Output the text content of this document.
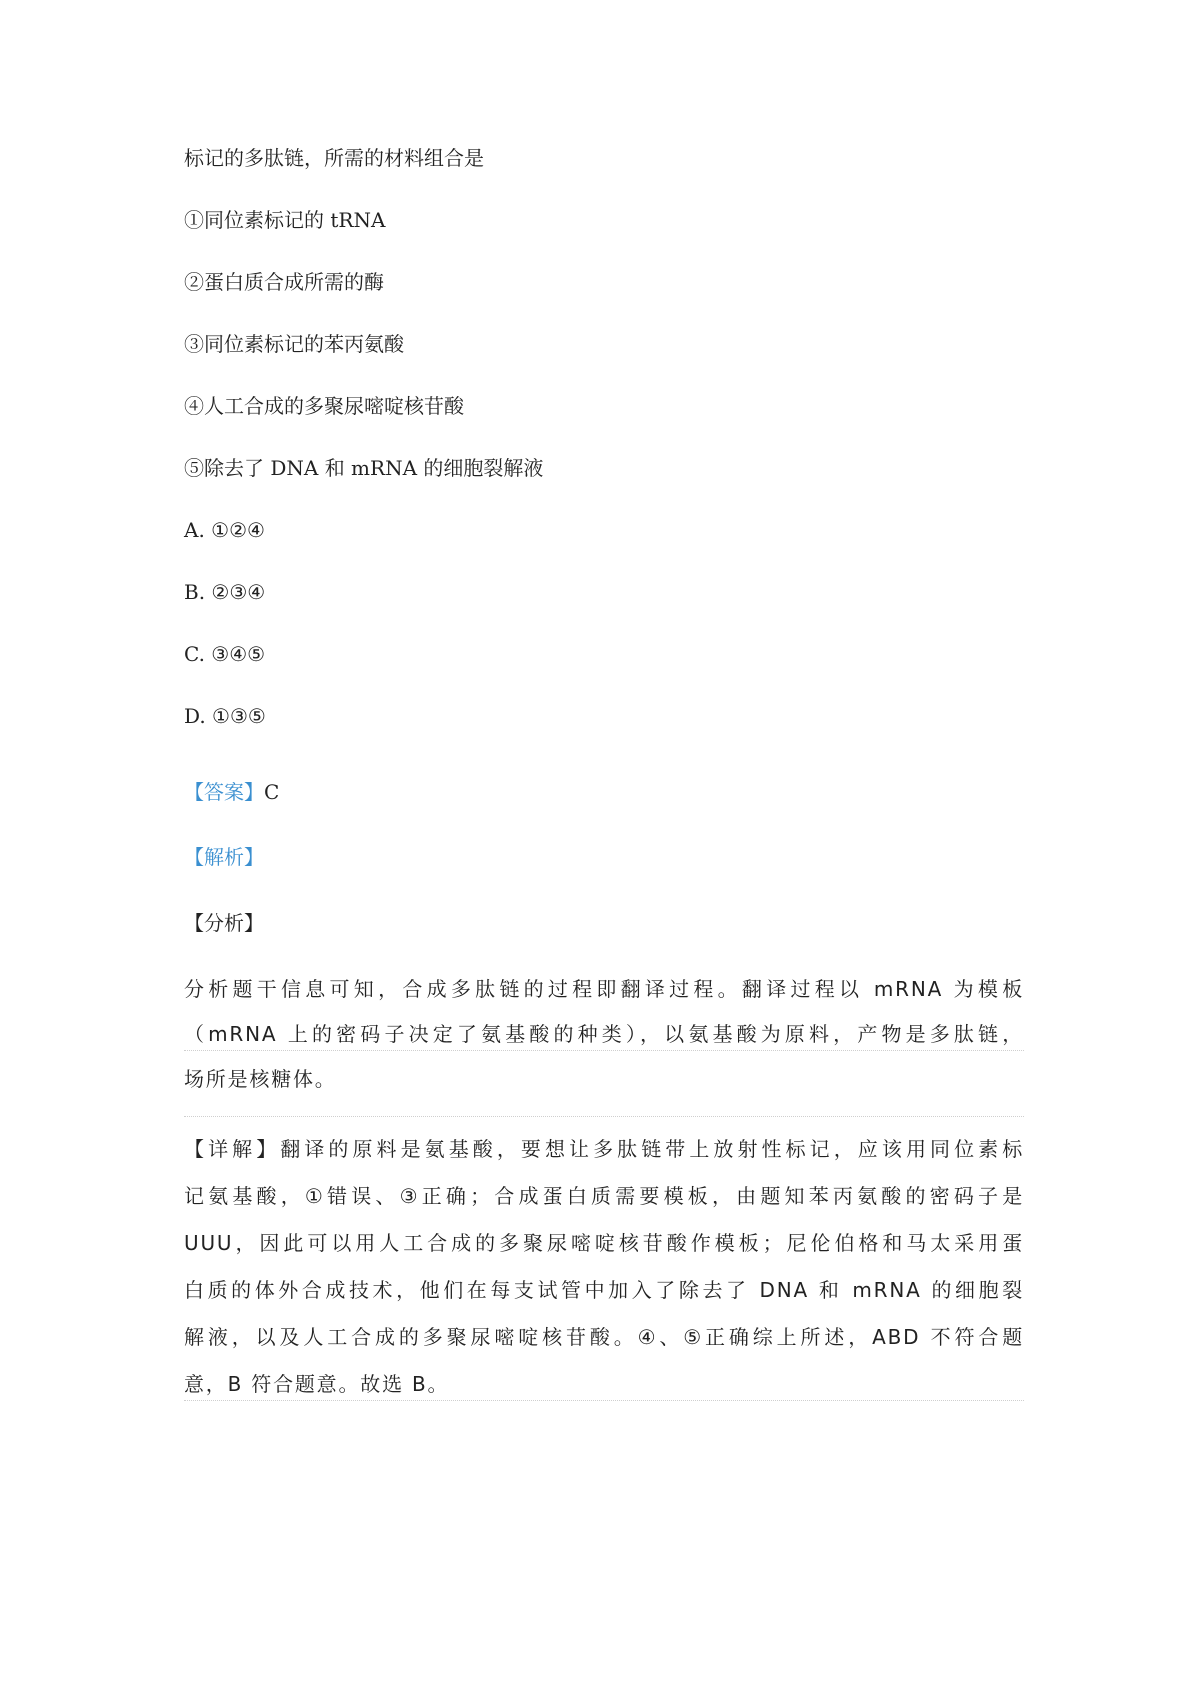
标记的多肽链，所需的材料组合是
①同位素标记的 tRNA
②蛋白质合成所需的酶
③同位素标记的苯丙氨酸
④人工合成的多聚尿嘧啶核苷酸
⑤除去了 DNA 和 mRNA 的细胞裂解液
A. ①②④
B. ②③④
C. ③④⑤
D. ①③⑤
【答案】C
【解析】
【分析】
分析题干信息可知，合成多肽链的过程即翻译过程。翻译过程以 mRNA 为模板
（mRNA 上的密码子决定了氨基酸的种类），以氨基酸为原料，产物是多肽链，
场所是核糖体。
【详解】翻译的原料是氨基酸，要想让多肽链带上放射性标记，应该用同位素标
记氨基酸，①错误、③正确；合成蛋白质需要模板，由题知苯丙氨酸的密码子是
UUU，因此可以用人工合成的多聚尿嘧啶核苷酸作模板；尼伦伯格和马太采用蛋
白质的体外合成技术，他们在每支试管中加入了除去了 DNA 和 mRNA 的细胞裂
解液，以及人工合成的多聚尿嘧啶核苷酸。④、⑤正确综上所述，ABD 不符合题
意，B 符合题意。故选 B。
